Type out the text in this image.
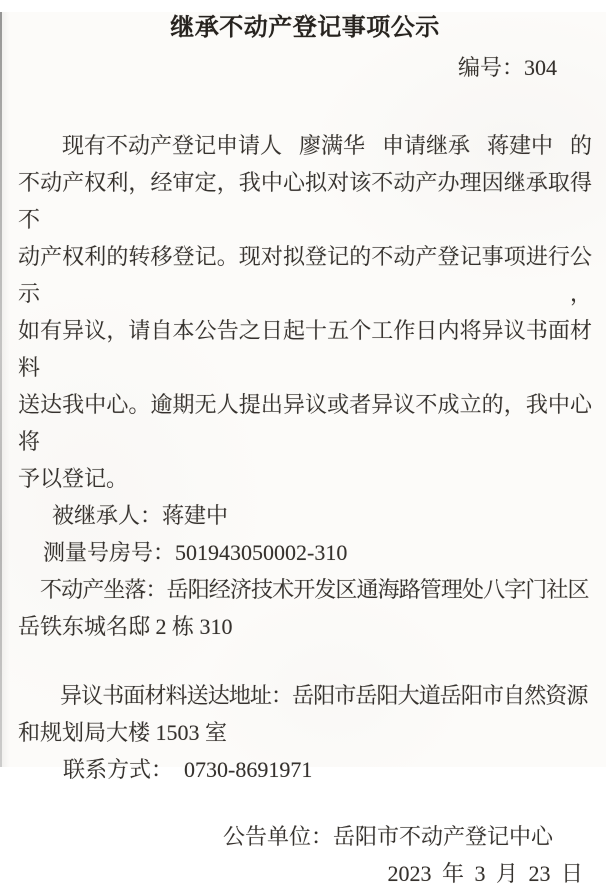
继承不动产登记事项公示
编号：304
现有不动产登记申请人 廖满华 申请继承 蒋建中 的
不动产权利，经审定，我中心拟对该不动产办理因继承取得不
动产权利的转移登记。现对拟登记的不动产登记事项进行公示，
如有异议，请自本公告之日起十五个工作日内将异议书面材料
送达我中心。逾期无人提出异议或者异议不成立的，我中心将
予以登记。
被继承人：蒋建中
测量号房号：501943050002-310
不动产坐落：岳阳经济技术开发区通海路管理处八字门社区
岳铁东城名邸 2 栋 310
异议书面材料送达地址：岳阳市岳阳大道岳阳市自然资源
和规划局大楼 1503 室
联系方式：　0730-8691971
公告单位：岳阳市不动产登记中心
2023 年 3 月 23 日
